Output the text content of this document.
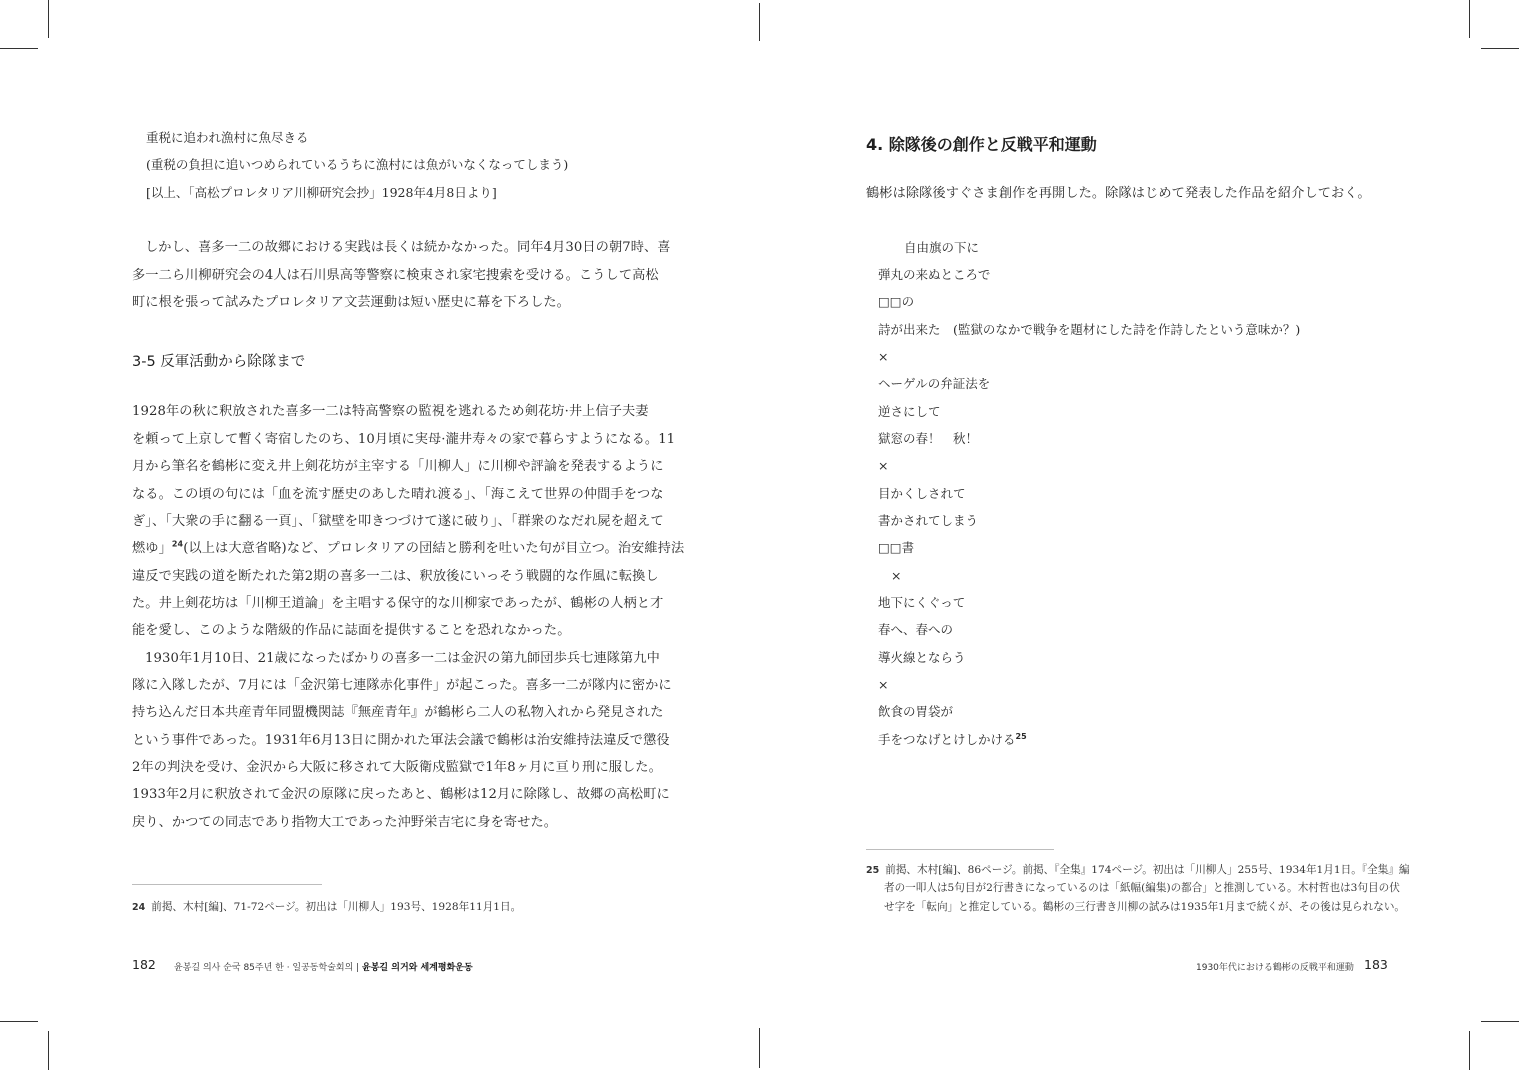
重税に追われ漁村に魚尽きる
(重税の負担に追いつめられているうちに漁村には魚がいなくなってしまう)
[以上、「高松プロレタリア川柳研究会抄」1928年4月8日より]
しかし、喜多一二の故郷における実践は長くは続かなかった。同年4月30日の朝7時、喜
多一二ら川柳研究会の4人は石川県高等警察に検束され家宅捜索を受ける。こうして高松
町に根を張って試みたプロレタリア文芸運動は短い歴史に幕を下ろした。
3-5 反軍活動から除隊まで
1928年の秋に釈放された喜多一二は特高警察の監視を逃れるため剣花坊·井上信子夫妻
を頼って上京して暫く寄宿したのち、10月頃に実母·瀧井寿々の家で暮らすようになる。11
月から筆名を鶴彬に変え井上剣花坊が主宰する「川柳人」に川柳や評論を発表するように
なる。この頃の句には「血を流す歴史のあした晴れ渡る」、「海こえて世界の仲間手をつな
ぎ」、「大衆の手に翻る一頁」、「獄壁を叩きつづけて遂に破り」、「群衆のなだれ屍を超えて
燃ゆ」$^{24}$(以上は大意省略)など、プロレタリアの団結と勝利を吐いた句が目立つ。治安維持法
違反で実践の道を断たれた第2期の喜多一二は、釈放後にいっそう戦闘的な作風に転換し
た。井上剣花坊は「川柳王道論」を主唱する保守的な川柳家であったが、鶴彬の人柄と才
能を愛し、このような階級的作品に誌面を提供することを恐れなかった。
1930年1月10日、21歳になったばかりの喜多一二は金沢の第九師団歩兵七連隊第九中
隊に入隊したが、7月には「金沢第七連隊赤化事件」が起こった。喜多一二が隊内に密かに
持ち込んだ日本共産青年同盟機関誌『無産青年』が鶴彬ら二人の私物入れから発見された
という事件であった。1931年6月13日に開かれた軍法会議で鶴彬は治安維持法違反で懲役
2年の判決を受け、金沢から大阪に移されて大阪衛戍監獄で1年8ヶ月に亘り刑に服した。
1933年2月に釈放されて金沢の原隊に戻ったあと、鶴彬は12月に除隊し、故郷の高松町に
戻り、かつての同志であり指物大工であった沖野栄吉宅に身を寄せた。
24 前掲、木村[編]、71-72ページ。初出は「川柳人」193号、1928年11月1日。
182 윤봉길 의사 순국 85주년 한 · 일공동학술회의 | 윤봉길 의거와 세계평화운동
4. 除隊後の創作と反戦平和運動
鶴彬は除隊後すぐさま創作を再開した。除隊はじめて発表した作品を紹介しておく。
自由旗の下に
弾丸の来ぬところで
□□の
詩が出来た　(監獄のなかで戦争を題材にした詩を作詩したという意味か？)
×
ヘーゲルの弁証法を
逆さにして
獄窓の春！　秋！
×
目かくしされて
書かされてしまう
□□書
×
地下にくぐって
春へ、春への
導火線とならう
×
飲食の胃袋が
手をつなげとけしかける$^{25}$
25 前掲、木村[編]、86ページ。前掲、『全集』174ページ。初出は「川柳人」255号、1934年1月1日。『全集』編
者の一叩人は5句目が2行書きになっているのは「紙幅(編集)の都合」と推測している。木村哲也は3句目の伏
せ字を「転向」と推定している。鶴彬の三行書き川柳の試みは1935年1月まで続くが、その後は見られない。
1930年代における鶴彬の反戦平和運動 183
